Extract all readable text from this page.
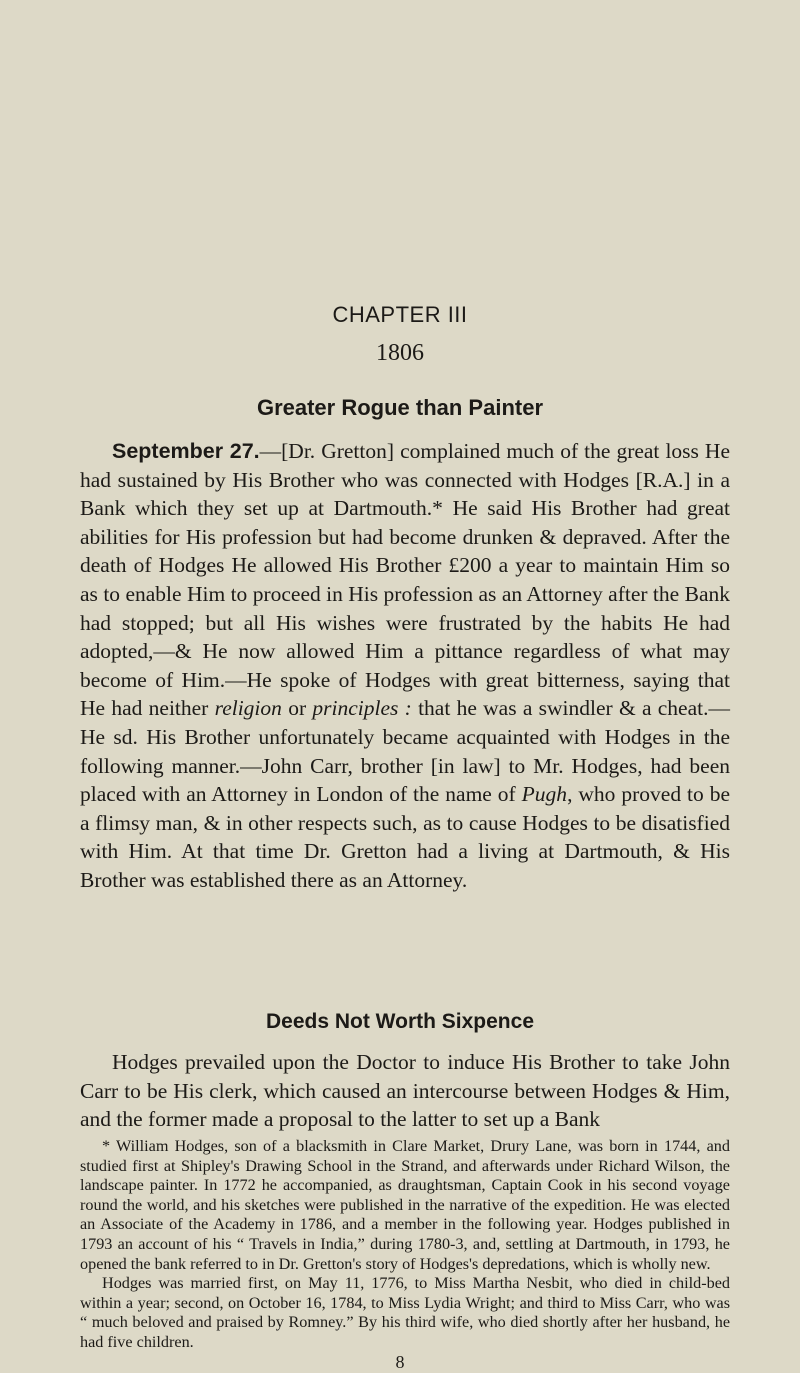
CHAPTER III
1806
Greater Rogue than Painter

September 27.—[Dr. Gretton] complained much of the great loss He had sustained by His Brother who was connected with Hodges [R.A.] in a Bank which they set up at Dartmouth.* He said His Brother had great abilities for His profession but had become drunken & depraved. After the death of Hodges He allowed His Brother £200 a year to maintain Him so as to enable Him to proceed in His profession as an Attorney after the Bank had stopped; but all His wishes were frustrated by the habits He had adopted,—& He now allowed Him a pittance regardless of what may become of Him.—He spoke of Hodges with great bitterness, saying that He had neither religion or principles : that he was a swindler & a cheat.—He sd. His Brother unfortunately became acquainted with Hodges in the following manner.—John Carr, brother [in law] to Mr. Hodges, had been placed with an Attorney in London of the name of Pugh, who proved to be a flimsy man, & in other respects such, as to cause Hodges to be disatisfied with Him. At that time Dr. Gretton had a living at Dartmouth, & His Brother was established there as an Attorney.

Deeds Not Worth Sixpence

Hodges prevailed upon the Doctor to induce His Brother to take John Carr to be His clerk, which caused an intercourse between Hodges & Him, and the former made a proposal to the latter to set up a Bank

* William Hodges, son of a blacksmith in Clare Market, Drury Lane, was born in 1744, and studied first at Shipley's Drawing School in the Strand, and afterwards under Richard Wilson, the landscape painter. In 1772 he accompanied, as draughtsman, Captain Cook in his second voyage round the world, and his sketches were published in the narrative of the expedition. He was elected an Associate of the Academy in 1786, and a member in the following year. Hodges published in 1793 an account of his “ Travels in India,” during 1780-3, and, settling at Dartmouth, in 1793, he opened the bank referred to in Dr. Gretton's story of Hodges's depredations, which is wholly new.

Hodges was married first, on May 11, 1776, to Miss Martha Nesbit, who died in child-bed within a year; second, on October 16, 1784, to Miss Lydia Wright; and third to Miss Carr, who was “ much beloved and praised by Romney.” By his third wife, who died shortly after her husband, he had five children.

8
